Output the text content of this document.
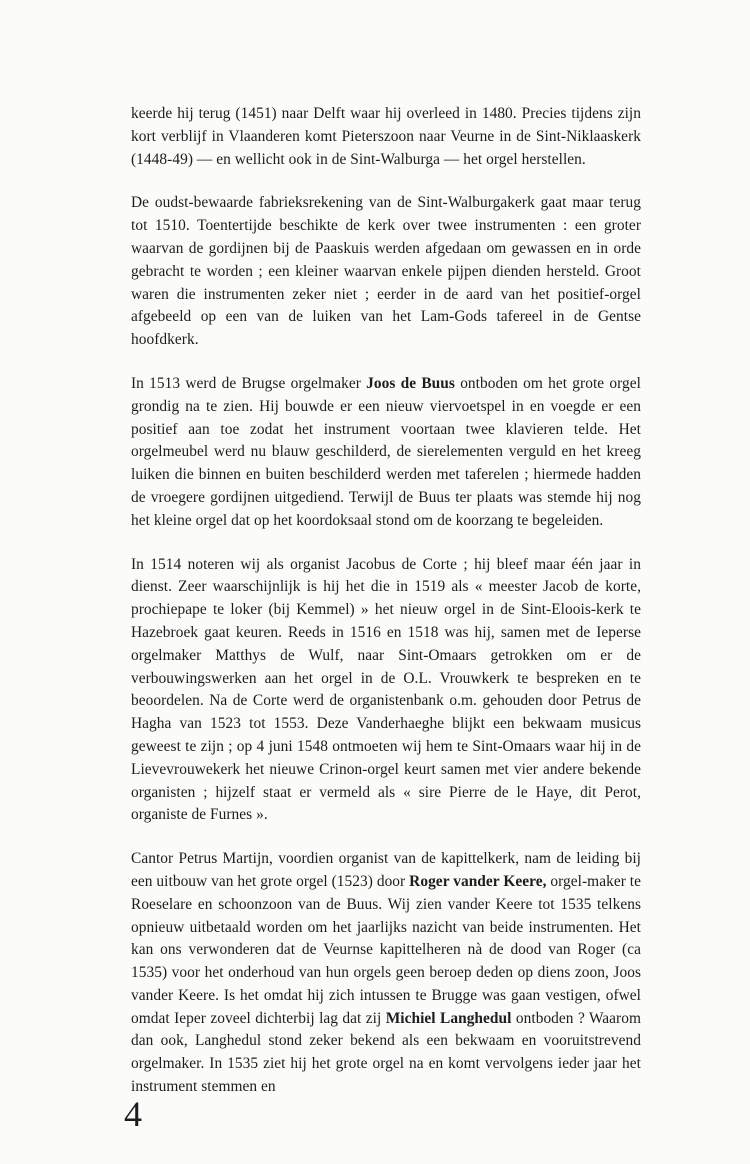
keerde hij terug (1451) naar Delft waar hij overleed in 1480. Precies tijdens zijn kort verblijf in Vlaanderen komt Pieterszoon naar Veurne in de Sint-Niklaaskerk (1448-49) — en wellicht ook in de Sint-Walburga — het orgel herstellen.

De oudst-bewaarde fabrieksrekening van de Sint-Walburgakerk gaat maar terug tot 1510. Toentertijde beschikte de kerk over twee instrumenten : een groter waarvan de gordijnen bij de Paaskuis werden afgedaan om gewassen en in orde gebracht te worden ; een kleiner waarvan enkele pijpen dienden hersteld. Groot waren die instrumenten zeker niet ; eerder in de aard van het positief-orgel afgebeeld op een van de luiken van het Lam-Gods tafereel in de Gentse hoofdkerk.

In 1513 werd de Brugse orgelmaker Joos de Buus ontboden om het grote orgel grondig na te zien. Hij bouwde er een nieuw viervoetspel in en voegde er een positief aan toe zodat het instrument voortaan twee klavieren telde. Het orgelmeubel werd nu blauw geschilderd, de sierelementen verguld en het kreeg luiken die binnen en buiten beschilderd werden met taferelen ; hiermede hadden de vroegere gordijnen uitgediend. Terwijl de Buus ter plaats was stemde hij nog het kleine orgel dat op het koordoksaal stond om de koorzang te begeleiden.

In 1514 noteren wij als organist Jacobus de Corte ; hij bleef maar één jaar in dienst. Zeer waarschijnlijk is hij het die in 1519 als « meester Jacob de korte, prochiepape te loker (bij Kemmel) » het nieuw orgel in de Sint-Eloois-kerk te Hazebroek gaat keuren. Reeds in 1516 en 1518 was hij, samen met de Ieperse orgelmaker Matthys de Wulf, naar Sint-Omaars getrokken om er de verbouwingswerken aan het orgel in de O.L. Vrouwkerk te bespreken en te beoordelen. Na de Corte werd de organistenbank o.m. gehouden door Petrus de Hagha van 1523 tot 1553. Deze Vanderhaeghe blijkt een bekwaam musicus geweest te zijn ; op 4 juni 1548 ontmoeten wij hem te Sint-Omaars waar hij in de Lievevrouwekerk het nieuwe Crinon-orgel keurt samen met vier andere bekende organisten ; hijzelf staat er vermeld als « sire Pierre de le Haye, dit Perot, organiste de Furnes ».

Cantor Petrus Martijn, voordien organist van de kapittelkerk, nam de leiding bij een uitbouw van het grote orgel (1523) door Roger vander Keere, orgel-maker te Roeselare en schoonzoon van de Buus. Wij zien vander Keere tot 1535 telkens opnieuw uitbetaald worden om het jaarlijks nazicht van beide instrumenten. Het kan ons verwonderen dat de Veurnse kapittelheren nà de dood van Roger (ca 1535) voor het onderhoud van hun orgels geen beroep deden op diens zoon, Joos vander Keere. Is het omdat hij zich intussen te Brugge was gaan vestigen, ofwel omdat Ieper zoveel dichterbij lag dat zij Michiel Langhedul ontboden ? Waarom dan ook, Langhedul stond zeker bekend als een bekwaam en vooruitstrevend orgelmaker. In 1535 ziet hij het grote orgel na en komt vervolgens ieder jaar het instrument stemmen en

4
